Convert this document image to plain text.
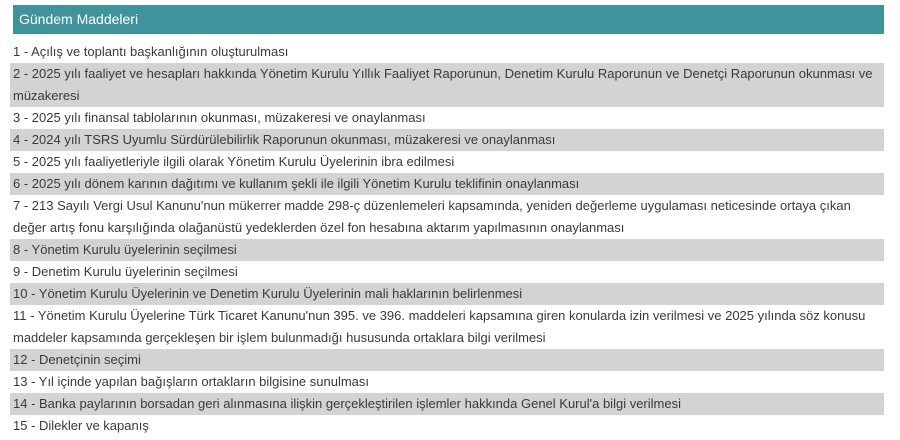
Gündem Maddeleri
1 - Açılış ve toplantı başkanlığının oluşturulması
2 - 2025 yılı faaliyet ve hesapları hakkında Yönetim Kurulu Yıllık Faaliyet Raporunun, Denetim Kurulu Raporunun ve Denetçi Raporunun okunması ve müzakeresi
3 - 2025 yılı finansal tablolarının okunması, müzakeresi ve onaylanması
4 - 2024 yılı TSRS Uyumlu Sürdürülebilirlik Raporunun okunması, müzakeresi ve onaylanması
5 - 2025 yılı faaliyetleriyle ilgili olarak Yönetim Kurulu Üyelerinin ibra edilmesi
6 - 2025 yılı dönem karının dağıtımı ve kullanım şekli ile ilgili Yönetim Kurulu teklifinin onaylanması
7 - 213 Sayılı Vergi Usul Kanunu'nun mükerrer madde 298-ç düzenlemeleri kapsamında, yeniden değerleme uygulaması neticesinde ortaya çıkan değer artış fonu karşılığında olağanüstü yedeklerden özel fon hesabına aktarım yapılmasının onaylanması
8 - Yönetim Kurulu üyelerinin seçilmesi
9 - Denetim Kurulu üyelerinin seçilmesi
10 - Yönetim Kurulu Üyelerinin ve Denetim Kurulu Üyelerinin mali haklarının belirlenmesi
11 - Yönetim Kurulu Üyelerine Türk Ticaret Kanunu'nun 395. ve 396. maddeleri kapsamına giren konularda izin verilmesi ve 2025 yılında söz konusu maddeler kapsamında gerçekleşen bir işlem bulunmadığı hususunda ortaklara bilgi verilmesi
12 - Denetçinin seçimi
13 - Yıl içinde yapılan bağışların ortakların bilgisine sunulması
14 - Banka paylarının borsadan geri alınmasına ilişkin gerçekleştirilen işlemler hakkında Genel Kurul'a bilgi verilmesi
15 - Dilekler ve kapanış
